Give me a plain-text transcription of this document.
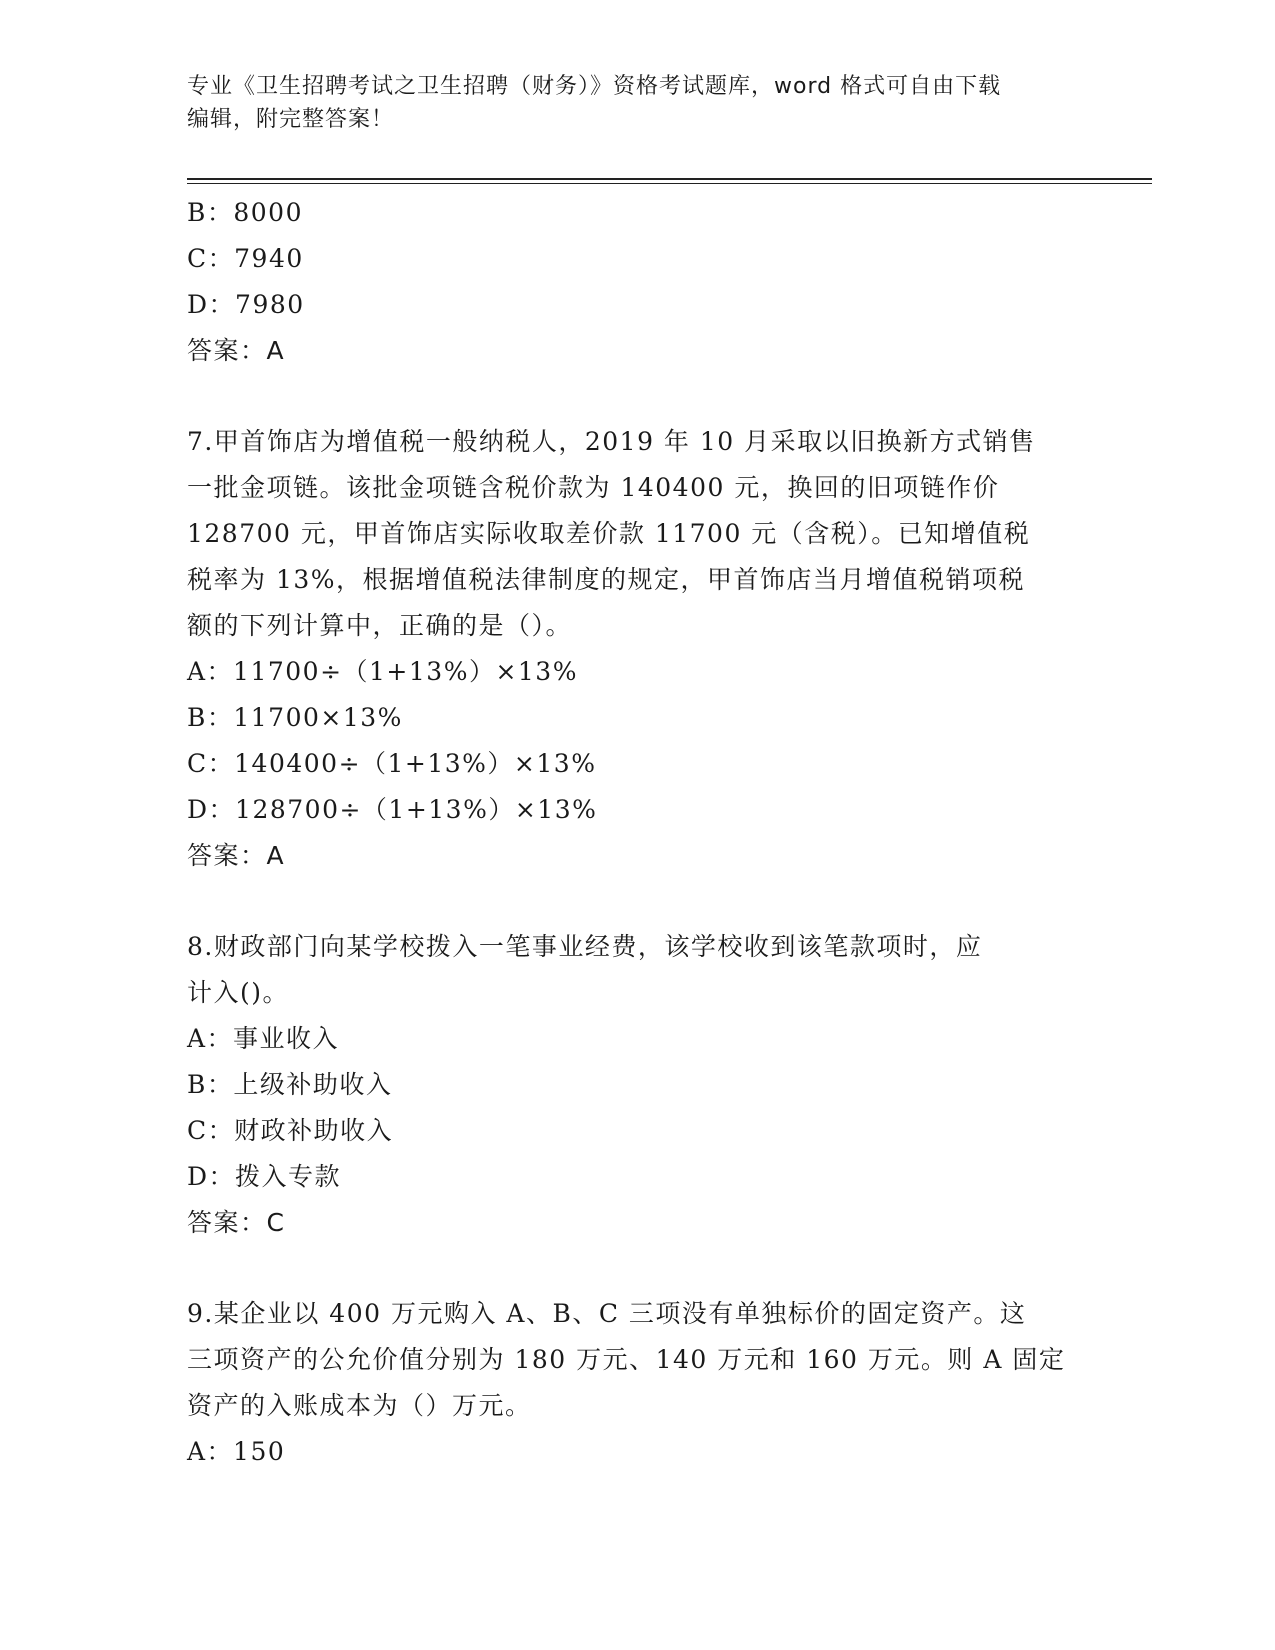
专业《卫生招聘考试之卫生招聘（财务）》资格考试题库，word 格式可自由下载
编辑，附完整答案！
B：8000
C：7940
D：7980
答案：A
7.甲首饰店为增值税一般纳税人，2019 年 10 月采取以旧换新方式销售
一批金项链。该批金项链含税价款为 140400 元，换回的旧项链作价
128700 元，甲首饰店实际收取差价款 11700 元（含税）。已知增值税
税率为 13%，根据增值税法律制度的规定，甲首饰店当月增值税销项税
额的下列计算中，正确的是（）。
A：11700÷（1+13%）×13%
B：11700×13%
C：140400÷（1+13%）×13%
D：128700÷（1+13%）×13%
答案：A
8.财政部门向某学校拨入一笔事业经费，该学校收到该笔款项时，应
计入()。
A：事业收入
B：上级补助收入
C：财政补助收入
D：拨入专款
答案：C
9.某企业以 400 万元购入 A、B、C 三项没有单独标价的固定资产。这
三项资产的公允价值分别为 180 万元、140 万元和 160 万元。则 A 固定
资产的入账成本为（）万元。
A：150
